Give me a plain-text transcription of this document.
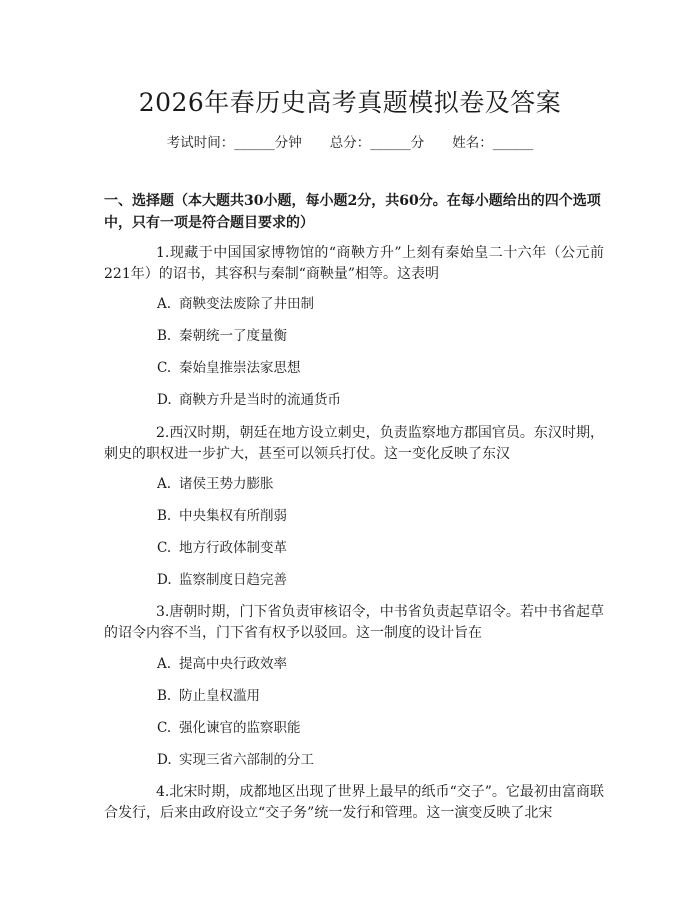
2026年春历史高考真题模拟卷及答案
考试时间：______分钟 总分：______分 姓名：______
一、选择题（本大题共30小题，每小题2分，共60分。在每小题给出的四个选项中，只有一项是符合题目要求的）
1.现藏于中国国家博物馆的“商鞅方升”上刻有秦始皇二十六年（公元前221年）的诏书，其容积与秦制“商鞅量”相等。这表明
A. 商鞅变法废除了井田制
B. 秦朝统一了度量衡
C. 秦始皇推崇法家思想
D. 商鞅方升是当时的流通货币
2.西汉时期，朝廷在地方设立刺史，负责监察地方郡国官员。东汉时期，刺史的职权进一步扩大，甚至可以领兵打仗。这一变化反映了东汉
A. 诸侯王势力膨胀
B. 中央集权有所削弱
C. 地方行政体制变革
D. 监察制度日趋完善
3.唐朝时期，门下省负责审核诏令，中书省负责起草诏令。若中书省起草的诏令内容不当，门下省有权予以驳回。这一制度的设计旨在
A. 提高中央行政效率
B. 防止皇权滥用
C. 强化谏官的监察职能
D. 实现三省六部制的分工
4.北宋时期，成都地区出现了世界上最早的纸币“交子”。它最初由富商联合发行，后来由政府设立“交子务”统一发行和管理。这一演变反映了北宋
